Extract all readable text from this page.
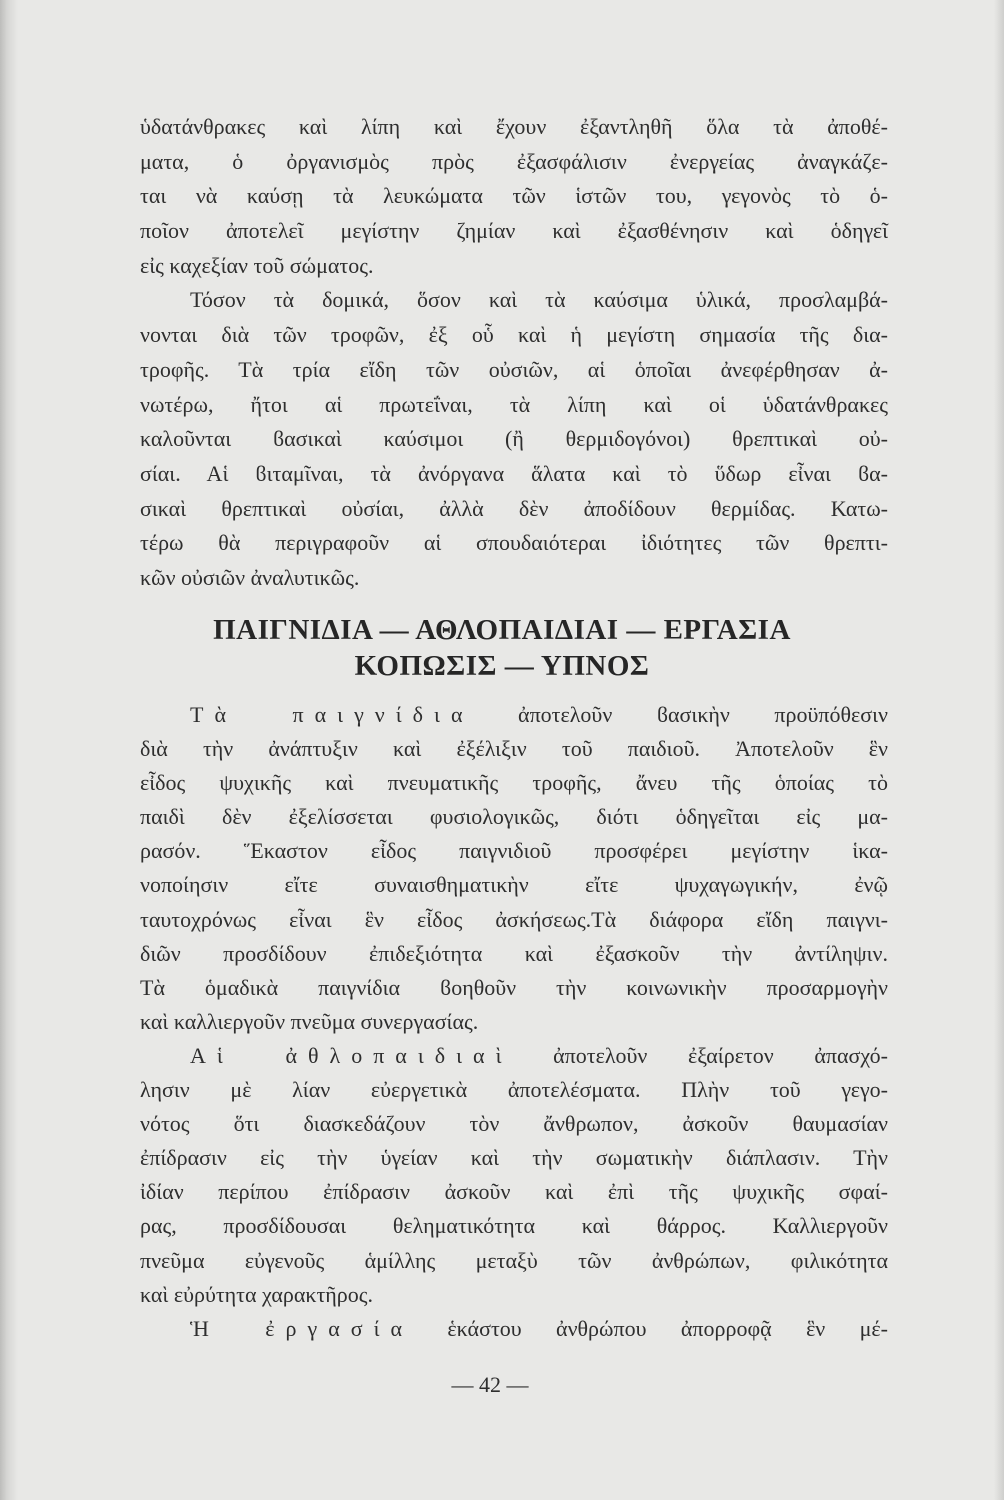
ὑδατάνθρακες καὶ λίπη καὶ ἔχουν ἐξαντληθῆ ὅλα τὰ ἀποθέ-
ματα, ὁ ὀργανισμὸς πρὸς ἐξασφάλισιν ἐνεργείας ἀναγκάζε-
ται νὰ καύσῃ τὰ λευκώματα τῶν ἱστῶν του, γεγονὸς τὸ ὁ-
ποῖον ἀποτελεῖ μεγίστην ζημίαν καὶ ἐξασθένησιν καὶ ὁδηγεῖ
εἰς καχεξίαν τοῦ σώματος.
Τόσον τὰ δομικά, ὅσον καὶ τὰ καύσιμα ὑλικά, προσλαμβά-
νονται διὰ τῶν τροφῶν, ἐξ οὗ καὶ ἡ μεγίστη σημασία τῆς δια-
τροφῆς. Τὰ τρία εἴδη τῶν οὐσιῶν, αἱ ὁποῖαι ἀνεφέρθησαν ἀ-
νωτέρω, ἤτοι αἱ πρωτεΐναι, τὰ λίπη καὶ οἱ ὑδατάνθρακες
καλοῦνται ϐασικαὶ καύσιμοι (ἢ θερμιδογόνοι) θρεπτικαὶ οὐ-
σίαι. Αἱ ϐιταμῖναι, τὰ ἀνόργανα ἅλατα καὶ τὸ ὕδωρ εἶναι ϐα-
σικαὶ θρεπτικαὶ οὐσίαι, ἀλλὰ δὲν ἀποδίδουν θερμίδας. Κατω-
τέρω θὰ περιγραφοῦν αἱ σπουδαιότεραι ἰδιότητες τῶν θρεπτι-
κῶν οὐσιῶν ἀναλυτικῶς.
ΠΑΙΓΝΙΔΙΑ — ΑΘΛΟΠΑΙΔΙΑΙ — ΕΡΓΑΣΙΑ
ΚΟΠΩΣΙΣ — ΥΠΝΟΣ
Τὰ παιγνίδια ἀποτελοῦν ϐασικὴν προϋπόθεσιν
διὰ τὴν ἀνάπτυξιν καὶ ἐξέλιξιν τοῦ παιδιοῦ. Ἀποτελοῦν ἓν
εἶδος ψυχικῆς καὶ πνευματικῆς τροφῆς, ἄνευ τῆς ὁποίας τὸ
παιδὶ δὲν ἐξελίσσεται φυσιολογικῶς, διότι ὁδηγεῖται εἰς μα-
ρασόν. Ἕκαστον εἶδος παιγνιδιοῦ προσφέρει μεγίστην ἱκα-
νοποίησιν εἴτε συναισθηματικὴν εἴτε ψυχαγωγικήν, ἐνῷ
ταυτοχρόνως εἶναι ἓν εἶδος ἀσκήσεως.Τὰ διάφορα εἴδη παιγνι-
διῶν προσδίδουν ἐπιδεξιότητα καὶ ἐξασκοῦν τὴν ἀντίληψιν.
Τὰ ὁμαδικὰ παιγνίδια ϐοηθοῦν τὴν κοινωνικὴν προσαρμογὴν
καὶ καλλιεργοῦν πνεῦμα συνεργασίας.
Αἱ ἀθλοπαιδιαὶ ἀποτελοῦν ἐξαίρετον ἀπασχό-
λησιν μὲ λίαν εὐεργετικὰ ἀποτελέσματα. Πλὴν τοῦ γεγο-
νότος ὅτι διασκεδάζουν τὸν ἄνθρωπον, ἀσκοῦν θαυμασίαν
ἐπίδρασιν εἰς τὴν ὑγείαν καὶ τὴν σωματικὴν διάπλασιν. Τὴν
ἰδίαν περίπου ἐπίδρασιν ἀσκοῦν καὶ ἐπὶ τῆς ψυχικῆς σφαί-
ρας, προσδίδουσαι θεληματικότητα καὶ θάρρος. Καλλιεργοῦν
πνεῦμα εὐγενοῦς ἁμίλλης μεταξὺ τῶν ἀνθρώπων, φιλικότητα
καὶ εὐρύτητα χαρακτῆρος.
Ἡ ἐργασία ἑκάστου ἀνθρώπου ἀπορροφᾷ ἓν μέ-
— 42 —
